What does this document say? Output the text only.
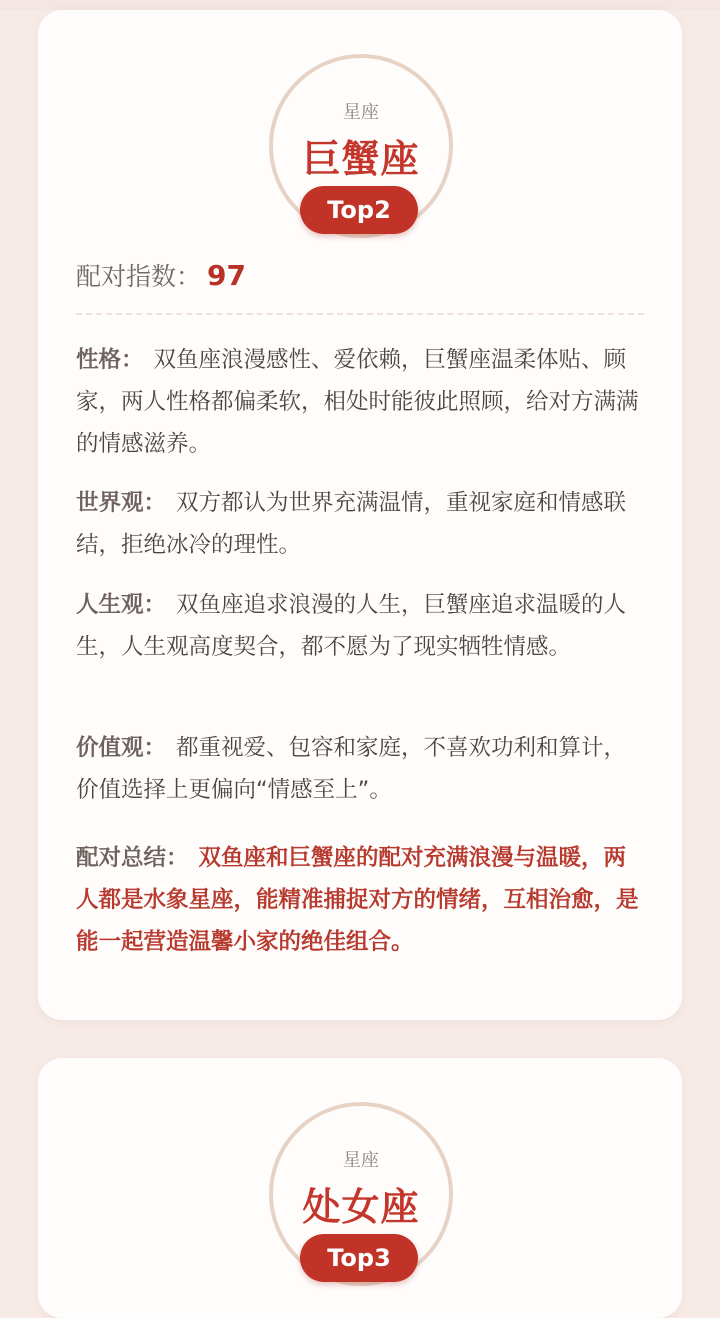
星座
巨蟹座
Top2
配对指数： 97
性格： 双鱼座浪漫感性、爱依赖，巨蟹座温柔体贴、顾家，两人性格都偏柔软，相处时能彼此照顾，给对方满满的情感滋养。
世界观： 双方都认为世界充满温情，重视家庭和情感联结，拒绝冰冷的理性。
人生观： 双鱼座追求浪漫的人生，巨蟹座追求温暖的人生，人生观高度契合，都不愿为了现实牺牲情感。
价值观： 都重视爱、包容和家庭，不喜欢功利和算计，价值选择上更偏向“情感至上”。
配对总结： 双鱼座和巨蟹座的配对充满浪漫与温暖，两人都是水象星座，能精准捕捉对方的情绪，互相治愈，是能一起营造温馨小家的绝佳组合。
星座
处女座
Top3
